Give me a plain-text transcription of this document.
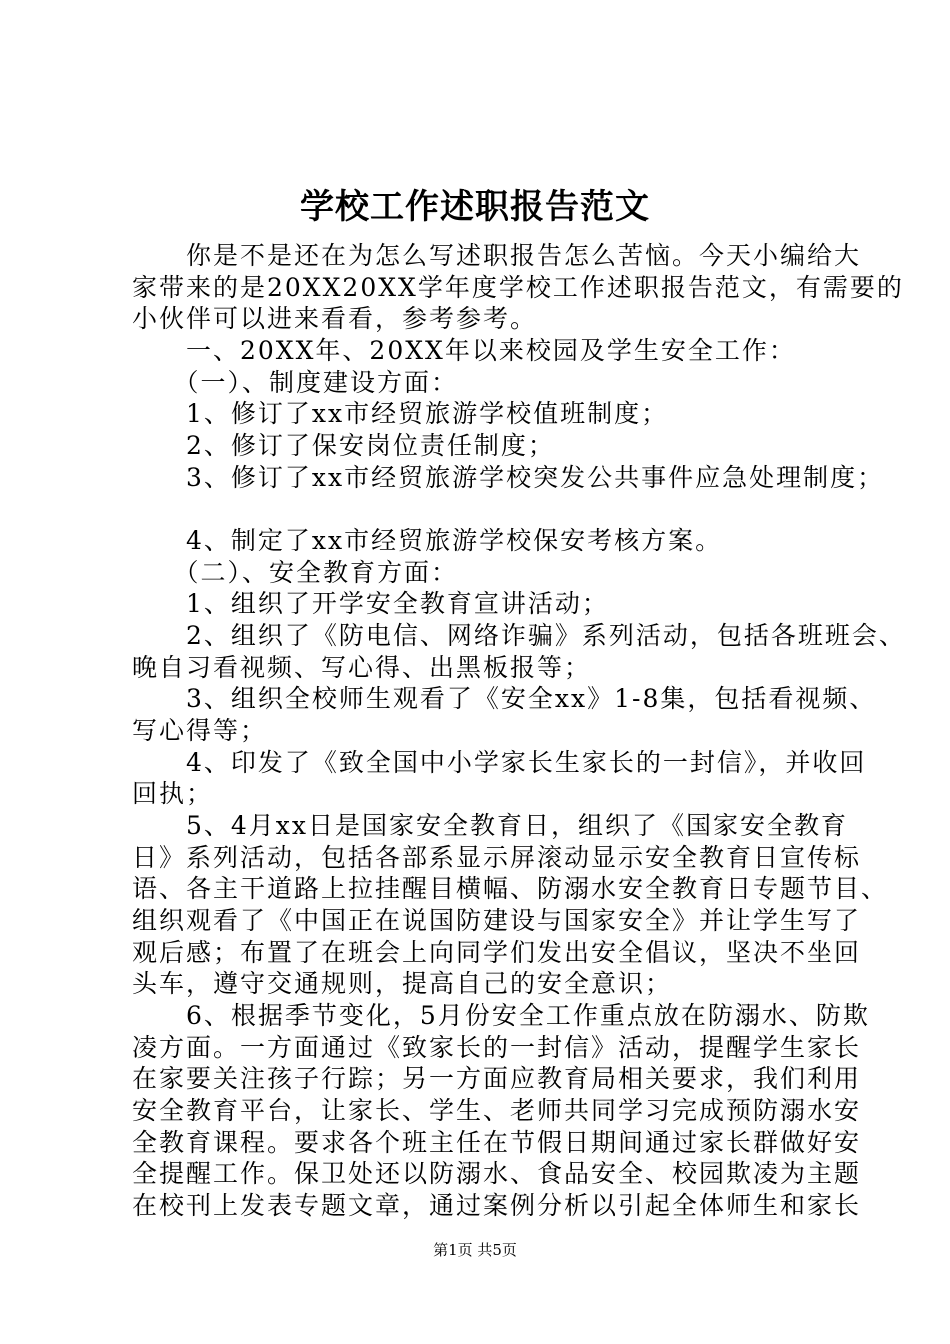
学校工作述职报告范文
　　你是不是还在为怎么写述职报告怎么苦恼。今天小编给大
家带来的是20XX20XX学年度学校工作述职报告范文，有需要的
小伙伴可以进来看看，参考参考。
　　一、20XX年、20XX年以来校园及学生安全工作：
　　（一）、制度建设方面：
　　1、修订了xx市经贸旅游学校值班制度；
　　2、修订了保安岗位责任制度；
　　3、修订了xx市经贸旅游学校突发公共事件应急处理制度；
　　4、制定了xx市经贸旅游学校保安考核方案。
　　（二）、安全教育方面：
　　1、组织了开学安全教育宣讲活动；
　　2、组织了《防电信、网络诈骗》系列活动，包括各班班会、
晚自习看视频、写心得、出黑板报等；
　　3、组织全校师生观看了《安全xx》1-8集，包括看视频、
写心得等；
　　4、印发了《致全国中小学家长生家长的一封信》，并收回
回执；
　　5、4月xx日是国家安全教育日，组织了《国家安全教育
日》系列活动，包括各部系显示屏滚动显示安全教育日宣传标
语、各主干道路上拉挂醒目横幅、防溺水安全教育日专题节目、
组织观看了《中国正在说国防建设与国家安全》并让学生写了
观后感；布置了在班会上向同学们发出安全倡议，坚决不坐回
头车，遵守交通规则，提高自己的安全意识；
　　6、根据季节变化，5月份安全工作重点放在防溺水、防欺
凌方面。一方面通过《致家长的一封信》活动，提醒学生家长
在家要关注孩子行踪；另一方面应教育局相关要求，我们利用
安全教育平台，让家长、学生、老师共同学习完成预防溺水安
全教育课程。要求各个班主任在节假日期间通过家长群做好安
全提醒工作。保卫处还以防溺水、食品安全、校园欺凌为主题
在校刊上发表专题文章，通过案例分析以引起全体师生和家长
第1页 共5页
